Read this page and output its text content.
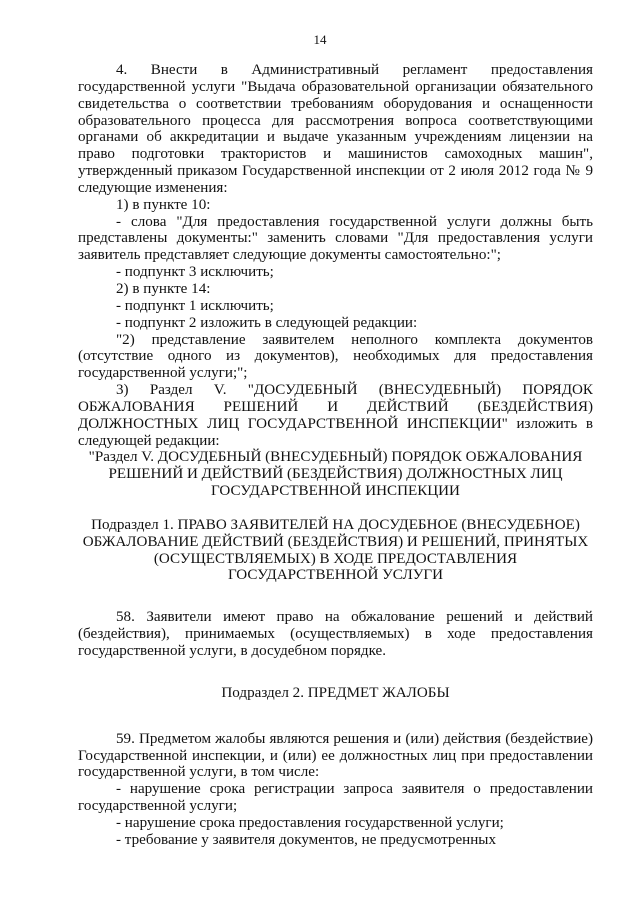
14

4. Внести в Административный регламент предоставления государственной услуги "Выдача образовательной организации обязательного свидетельства о соответствии требованиям оборудования и оснащенности образовательного процесса для рассмотрения вопроса соответствующими органами об аккредитации и выдаче указанным учреждениям лицензии на право подготовки трактористов и машинистов самоходных машин", утвержденный приказом Государственной инспекции от 2 июля 2012 года № 9 следующие изменения:

1) в пункте 10:

- слова "Для предоставления государственной услуги должны быть представлены документы:" заменить словами "Для предоставления услуги заявитель представляет следующие документы самостоятельно:";

- подпункт 3 исключить;

2) в пункте 14:

- подпункт 1 исключить;

- подпункт 2 изложить в следующей редакции:

"2) представление заявителем неполного комплекта документов (отсутствие одного из документов), необходимых для предоставления государственной услуги;";

3) Раздел V. "ДОСУДЕБНЫЙ (ВНЕСУДЕБНЫЙ) ПОРЯДОК ОБЖАЛОВАНИЯ РЕШЕНИЙ И ДЕЙСТВИЙ (БЕЗДЕЙСТВИЯ) ДОЛЖНОСТНЫХ ЛИЦ ГОСУДАРСТВЕННОЙ ИНСПЕКЦИИ" изложить в следующей редакции:

"Раздел V. ДОСУДЕБНЫЙ (ВНЕСУДЕБНЫЙ) ПОРЯДОК ОБЖАЛОВАНИЯ РЕШЕНИЙ И ДЕЙСТВИЙ (БЕЗДЕЙСТВИЯ) ДОЛЖНОСТНЫХ ЛИЦ ГОСУДАРСТВЕННОЙ ИНСПЕКЦИИ

Подраздел 1. ПРАВО ЗАЯВИТЕЛЕЙ НА ДОСУДЕБНОЕ (ВНЕСУДЕБНОЕ) ОБЖАЛОВАНИЕ ДЕЙСТВИЙ (БЕЗДЕЙСТВИЯ) И РЕШЕНИЙ, ПРИНЯТЫХ (ОСУЩЕСТВЛЯЕМЫХ) В ХОДЕ ПРЕДОСТАВЛЕНИЯ ГОСУДАРСТВЕННОЙ УСЛУГИ

58. Заявители имеют право на обжалование решений и действий (бездействия), принимаемых (осуществляемых) в ходе предоставления государственной услуги, в досудебном порядке.

Подраздел 2. ПРЕДМЕТ ЖАЛОБЫ

59. Предметом жалобы являются решения и (или) действия (бездействие) Государственной инспекции, и (или) ее должностных лиц при предоставлении государственной услуги, в том числе:

- нарушение срока регистрации запроса заявителя о предоставлении государственной услуги;

- нарушение срока предоставления государственной услуги;

- требование у заявителя документов, не предусмотренных
